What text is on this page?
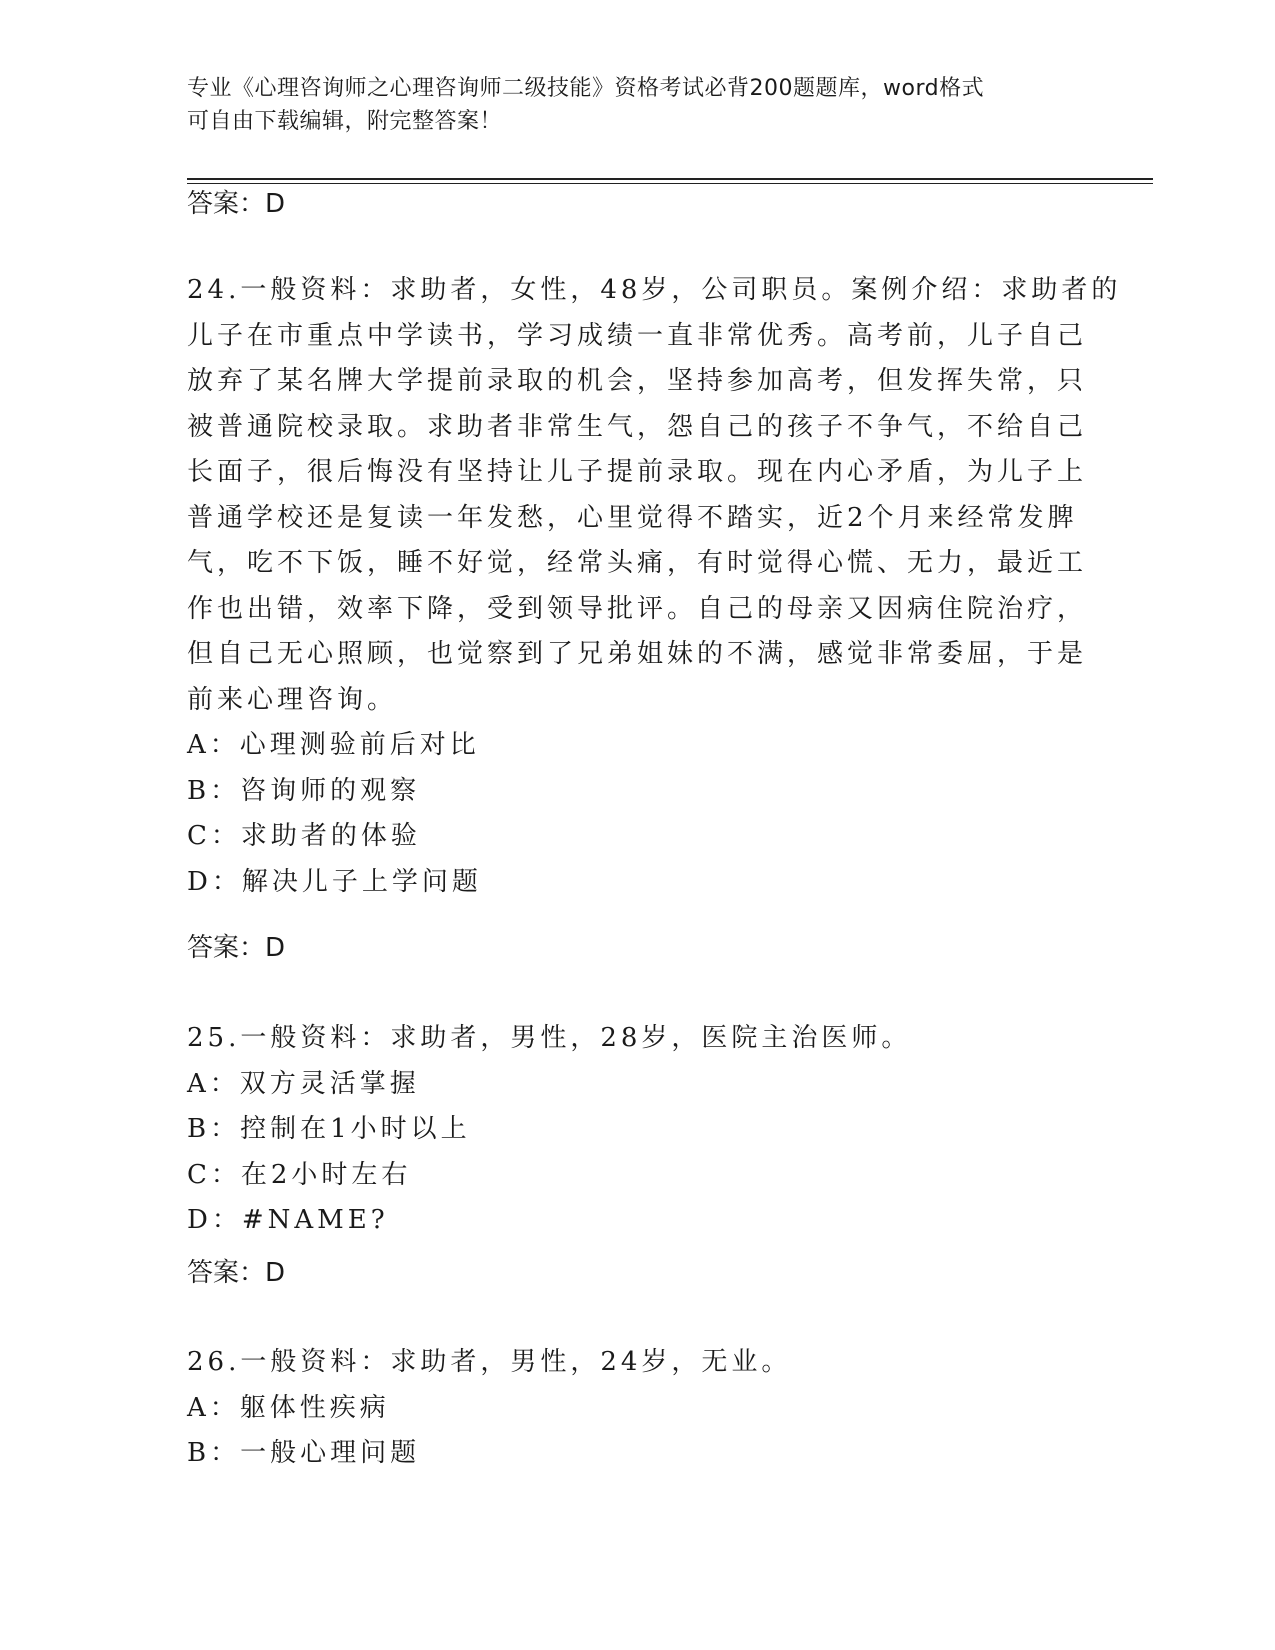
专业《心理咨询师之心理咨询师二级技能》资格考试必背200题题库，word格式
可自由下载编辑，附完整答案！
答案：D
24.一般资料：求助者，女性，48岁，公司职员。案例介绍：求助者的
儿子在市重点中学读书，学习成绩一直非常优秀。高考前，儿子自己
放弃了某名牌大学提前录取的机会，坚持参加高考，但发挥失常，只
被普通院校录取。求助者非常生气，怨自己的孩子不争气，不给自己
长面子，很后悔没有坚持让儿子提前录取。现在内心矛盾，为儿子上
普通学校还是复读一年发愁，心里觉得不踏实，近2个月来经常发脾
气，吃不下饭，睡不好觉，经常头痛，有时觉得心慌、无力，最近工
作也出错，效率下降，受到领导批评。自己的母亲又因病住院治疗，
但自己无心照顾，也觉察到了兄弟姐妹的不满，感觉非常委屈，于是
前来心理咨询。
A：心理测验前后对比
B：咨询师的观察
C：求助者的体验
D：解决儿子上学问题
答案：D
25.一般资料：求助者，男性，28岁，医院主治医师。
A：双方灵活掌握
B：控制在1小时以上
C：在2小时左右
D：#NAME?
答案：D
26.一般资料：求助者，男性，24岁，无业。
A：躯体性疾病
B：一般心理问题
